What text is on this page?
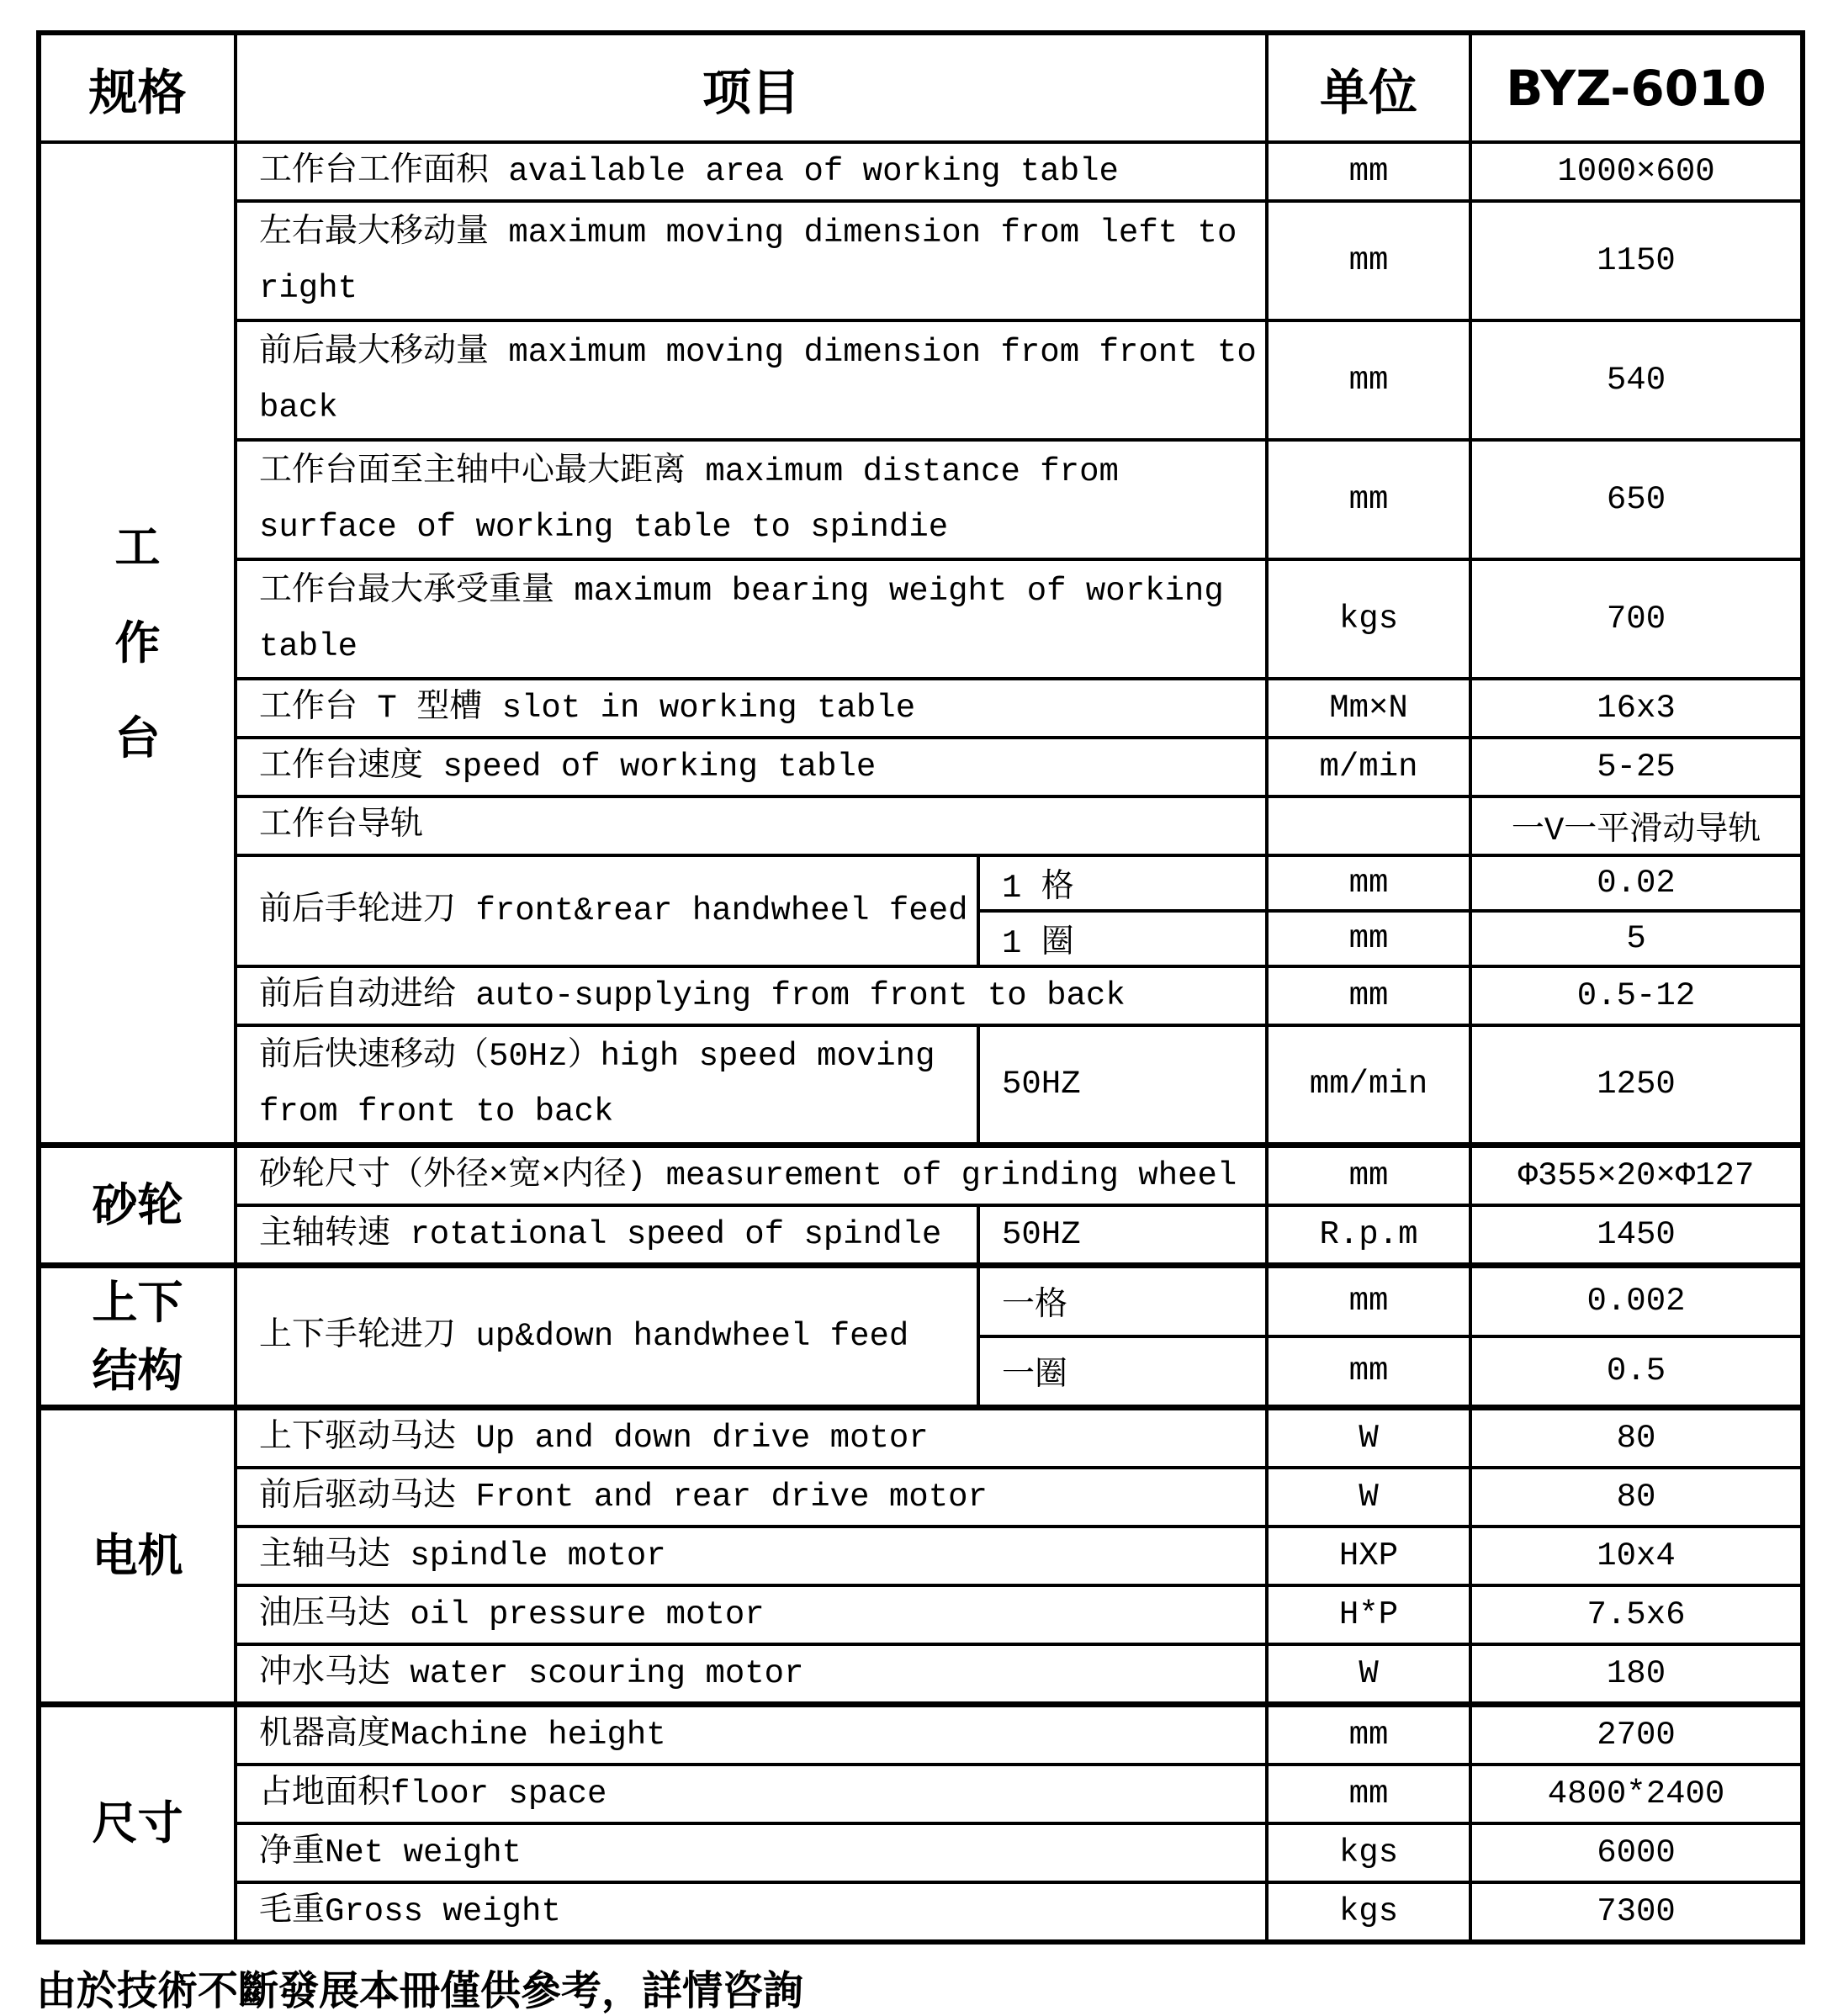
规格	项目		单位	BYZ-6010
工作台	工作台工作面积 available area of working table		mm	1000×600
	左右最大移动量 maximum moving dimension from left to right		mm	1150
	前后最大移动量 maximum moving dimension from front to back		mm	540
	工作台面至主轴中心最大距离 maximum distance from surface of working table to spindie		mm	650
	工作台最大承受重量 maximum bearing weight of working table		kgs	700
	工作台 T 型槽 slot in working table		Mm×N	16x3
	工作台速度 speed of working table		m/min	5-25
	工作台导轨			一V一平滑动导轨
	前后手轮进刀 front&rear handwheel feed	1 格	mm	0.02
		1 圈	mm	5
	前后自动进给 auto-supplying from front to back		mm	0.5-12
	前后快速移动（50Hz）high speed moving from front to back	50HZ	mm/min	1250
砂轮	砂轮尺寸（外径×宽×内径) measurement of grinding wheel		mm	Φ355×20×Φ127
	主轴转速 rotational speed of spindle	50HZ	R.p.m	1450
上下结构	上下手轮进刀 up&down handwheel feed	一格	mm	0.002
		一圈	mm	0.5
电机	上下驱动马达 Up and down drive motor		W	80
	前后驱动马达 Front and rear drive motor		W	80
	主轴马达 spindle motor		HXP	10x4
	油压马达 oil pressure motor		H*P	7.5x6
	冲水马达 water scouring motor		W	180
尺寸	机器高度Machine height		mm	2700
	占地面积floor space		mm	4800*2400
	净重Net weight		kgs	6000
	毛重Gross weight		kgs	7300
由於技術不斷發展本冊僅供參考，詳情咨詢
